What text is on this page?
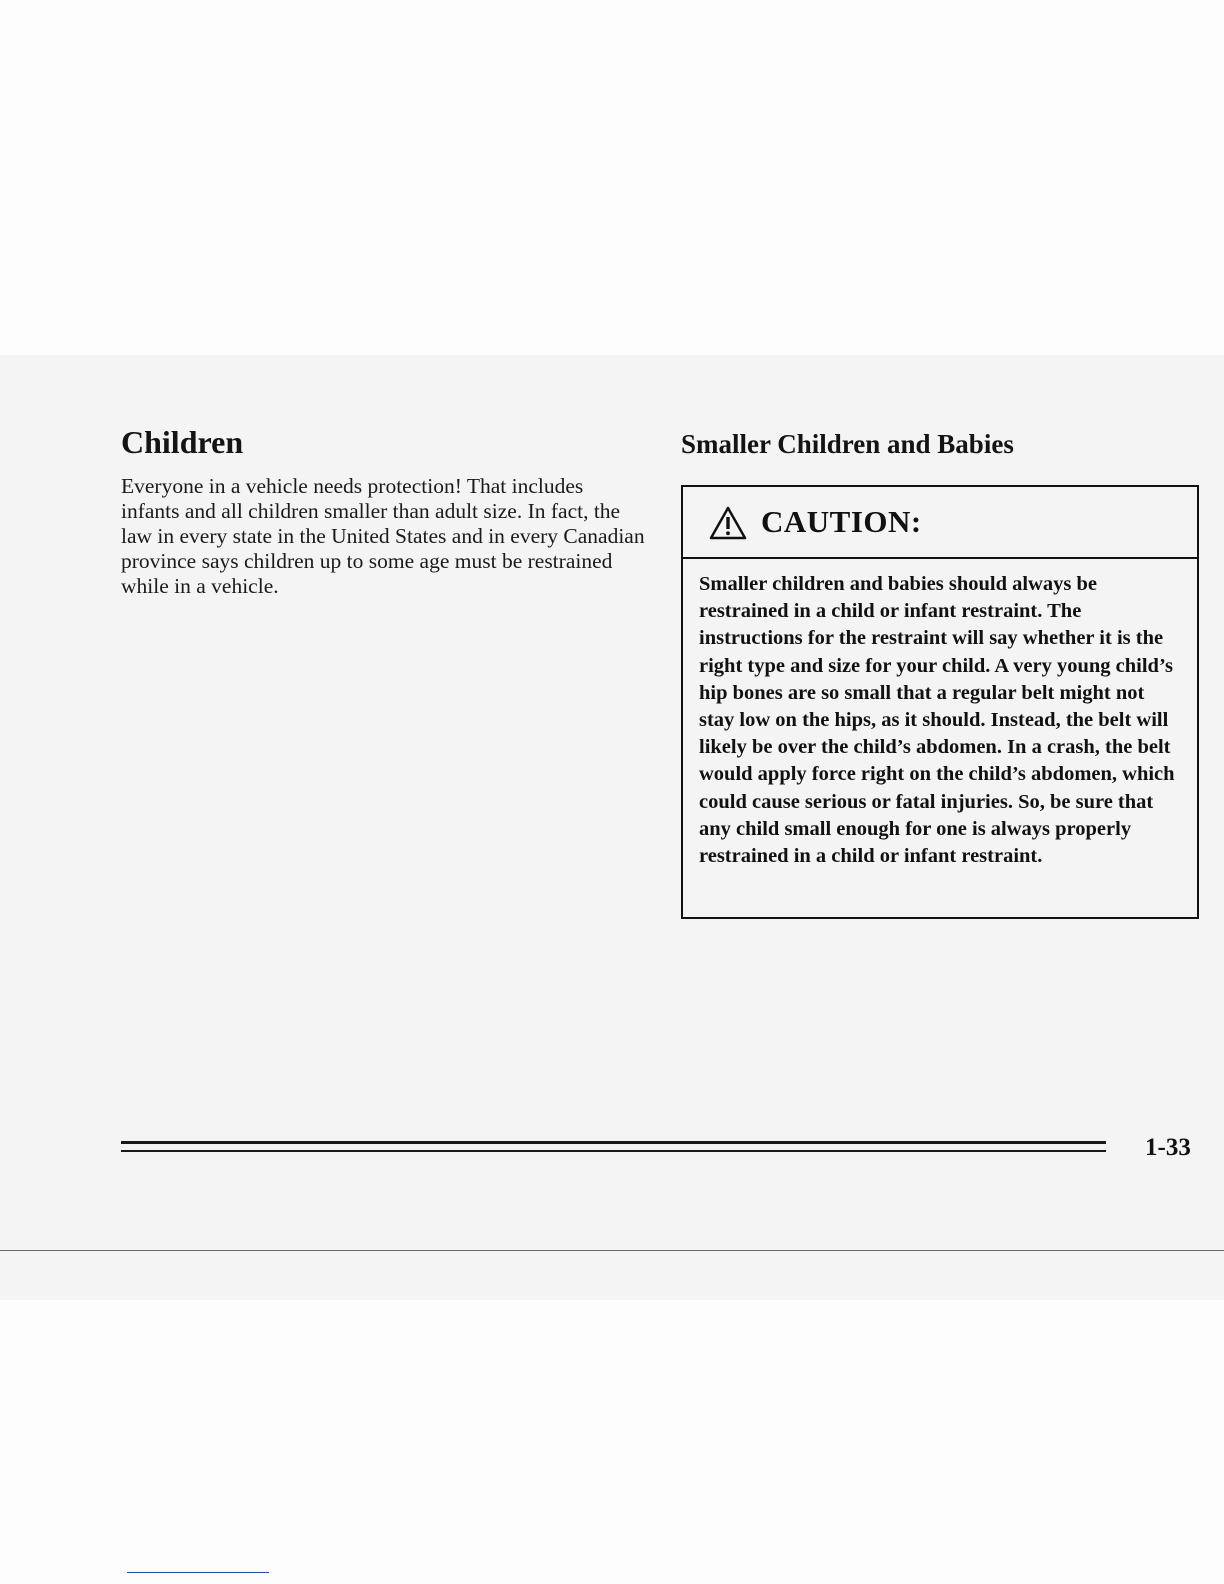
Children

Everyone in a vehicle needs protection! That includes infants and all children smaller than adult size. In fact, the law in every state in the United States and in every Canadian province says children up to some age must be restrained while in a vehicle.

Smaller Children and Babies
CAUTION:

Smaller children and babies should always be restrained in a child or infant restraint. The instructions for the restraint will say whether it is the right type and size for your child. A very young child’s hip bones are so small that a regular belt might not stay low on the hips, as it should. Instead, the belt will likely be over the child’s abdomen. In a crash, the belt would apply force right on the child’s abdomen, which could cause serious or fatal injuries. So, be sure that any child small enough for one is always properly restrained in a child or infant restraint.

1-33
